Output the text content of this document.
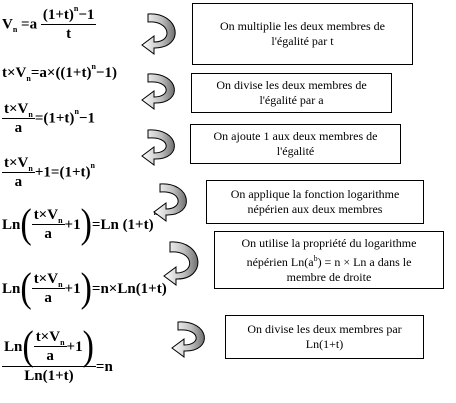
$V_n =a \frac{(1+t)^n-1}{t}$
$t\times V_n=a\times((1+t)^n-1)$
$\frac{t\times V_n}{a} =(1+t)^n-1$
$\frac{t\times V_n}{a} +1=(1+t)^n$
$Ln( \frac{t\times V_n}{a} +1)=Ln$ (1+t)
$Ln( \frac{t\times V_n}{a} +1)=n\times Ln(1+t)$
$\frac{Ln( \frac{t\times V_n}{a} +1)}{Ln(1+t)} =n$
On multiplie les deux membres de
l'égalité par t
On divise les deux membres de
l'égalité par a
On ajoute 1 aux deux membres de
l'égalité
On applique la fonction logarithme
népérien aux deux membres
On utilise la propriété du logarithme
népérien $Ln(a^b) = n \times Ln$ a dans le
membre de droite
On divise les deux membres par
Ln(1+t)
